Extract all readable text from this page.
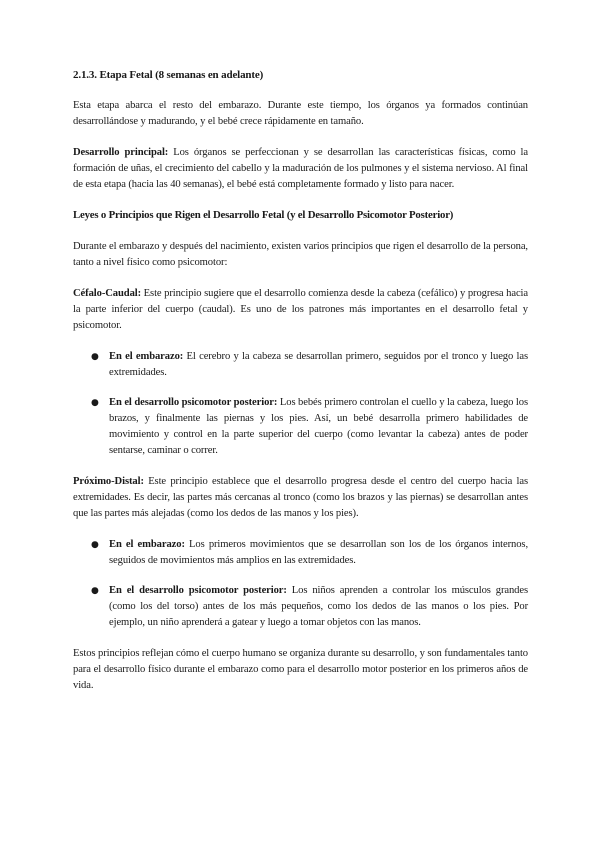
2.1.3. Etapa Fetal (8 semanas en adelante)

Esta etapa abarca el resto del embarazo. Durante este tiempo, los órganos ya formados continúan desarrollándose y madurando, y el bebé crece rápidamente en tamaño.

Desarrollo principal: Los órganos se perfeccionan y se desarrollan las características físicas, como la formación de uñas, el crecimiento del cabello y la maduración de los pulmones y el sistema nervioso. Al final de esta etapa (hacia las 40 semanas), el bebé está completamente formado y listo para nacer.

Leyes o Principios que Rigen el Desarrollo Fetal (y el Desarrollo Psicomotor Posterior)

Durante el embarazo y después del nacimiento, existen varios principios que rigen el desarrollo de la persona, tanto a nivel físico como psicomotor:

Céfalo-Caudal: Este principio sugiere que el desarrollo comienza desde la cabeza (cefálico) y progresa hacia la parte inferior del cuerpo (caudal). Es uno de los patrones más importantes en el desarrollo fetal y psicomotor.

● En el embarazo: El cerebro y la cabeza se desarrollan primero, seguidos por el tronco y luego las extremidades.
● En el desarrollo psicomotor posterior: Los bebés primero controlan el cuello y la cabeza, luego los brazos, y finalmente las piernas y los pies. Así, un bebé desarrolla primero habilidades de movimiento y control en la parte superior del cuerpo (como levantar la cabeza) antes de poder sentarse, caminar o correr.

Próximo-Distal: Este principio establece que el desarrollo progresa desde el centro del cuerpo hacia las extremidades. Es decir, las partes más cercanas al tronco (como los brazos y las piernas) se desarrollan antes que las partes más alejadas (como los dedos de las manos y los pies).

● En el embarazo: Los primeros movimientos que se desarrollan son los de los órganos internos, seguidos de movimientos más amplios en las extremidades.
● En el desarrollo psicomotor posterior: Los niños aprenden a controlar los músculos grandes (como los del torso) antes de los más pequeños, como los dedos de las manos o los pies. Por ejemplo, un niño aprenderá a gatear y luego a tomar objetos con las manos.

Estos principios reflejan cómo el cuerpo humano se organiza durante su desarrollo, y son fundamentales tanto para el desarrollo físico durante el embarazo como para el desarrollo motor posterior en los primeros años de vida.
